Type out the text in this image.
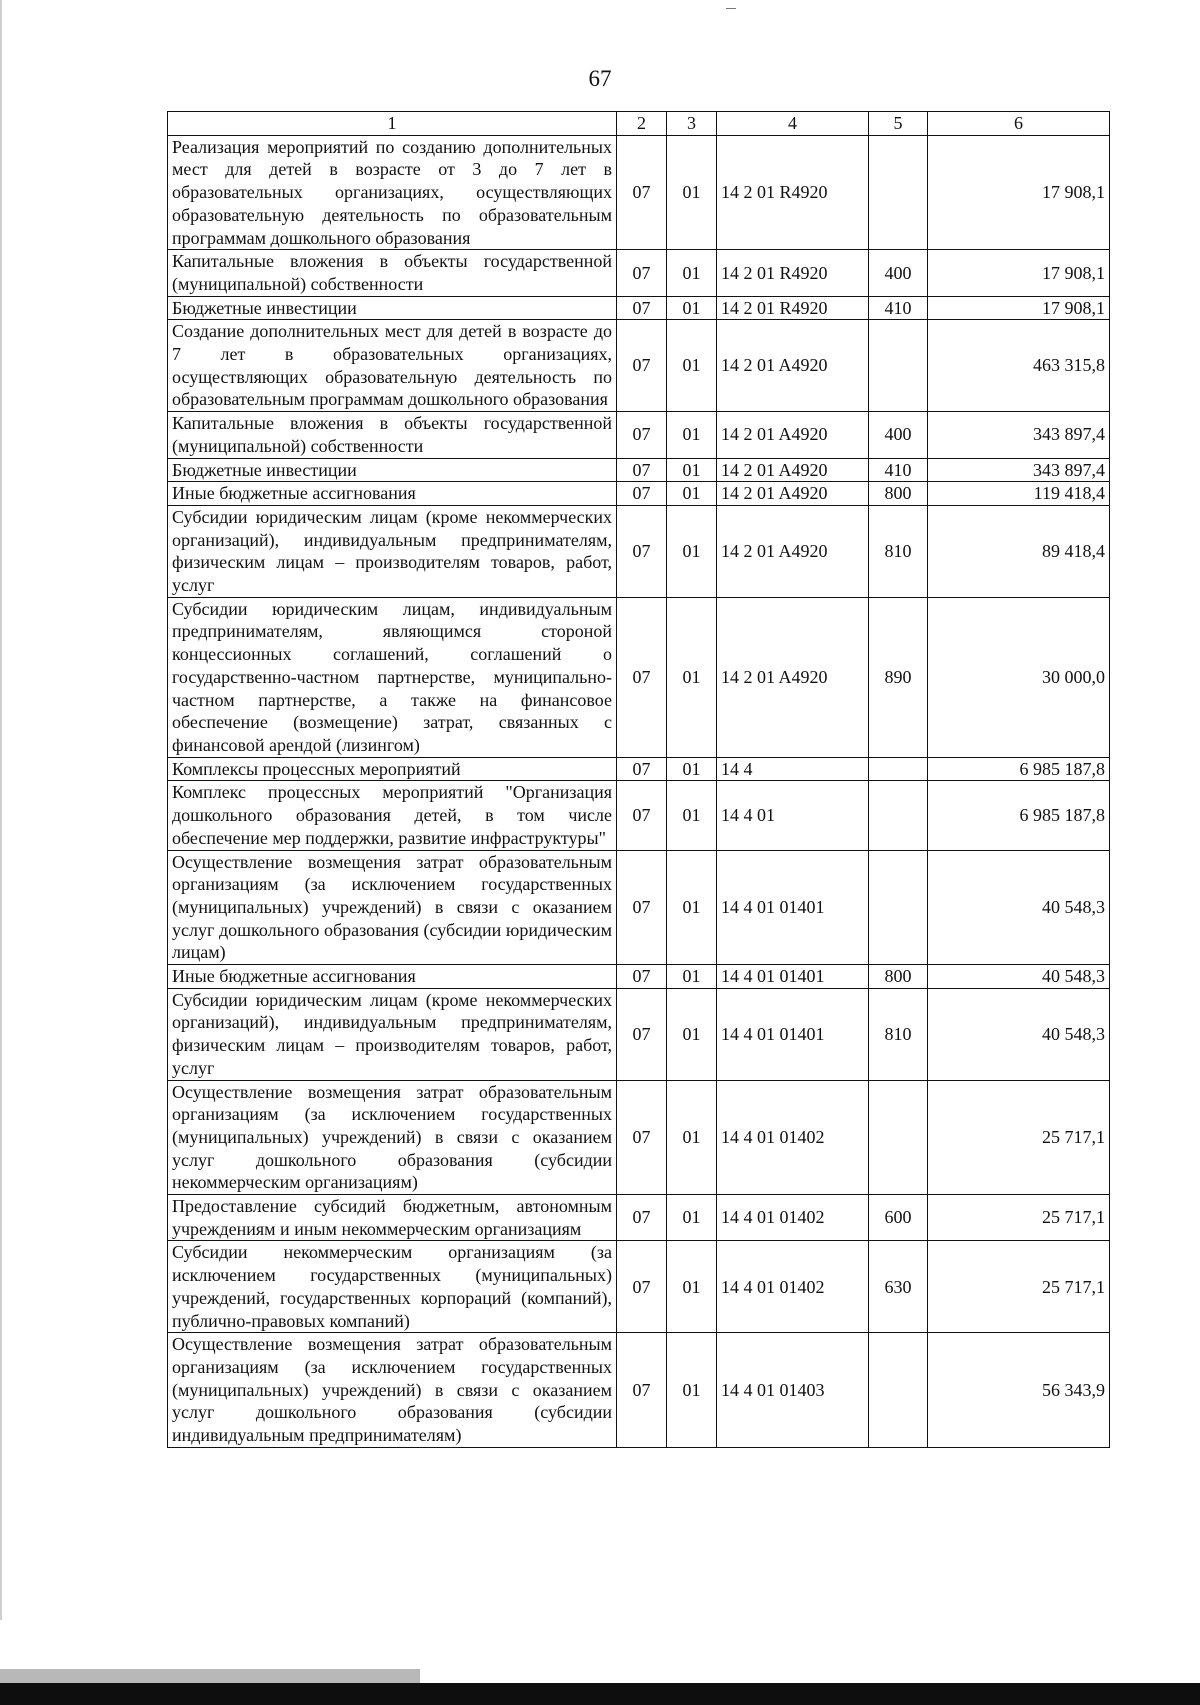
67
1	2	3	4	5	6
Реализация мероприятий по созданию дополнительных мест для детей в возрасте от 3 до 7 лет в образовательных организациях, осуществляющих образовательную деятельность по образовательным программам дошкольного образования	07	01	14 2 01 R4920		17 908,1
Капитальные вложения в объекты государственной (муниципальной) собственности	07	01	14 2 01 R4920	400	17 908,1
Бюджетные инвестиции	07	01	14 2 01 R4920	410	17 908,1
Создание дополнительных мест для детей в возрасте до 7 лет в образовательных организациях, осуществляющих образовательную деятельность по образовательным программам дошкольного образования	07	01	14 2 01 A4920		463 315,8
Капитальные вложения в объекты государственной (муниципальной) собственности	07	01	14 2 01 A4920	400	343 897,4
Бюджетные инвестиции	07	01	14 2 01 A4920	410	343 897,4
Иные бюджетные ассигнования	07	01	14 2 01 A4920	800	119 418,4
Субсидии юридическим лицам (кроме некоммерческих организаций), индивидуальным предпринимателям, физическим лицам – производителям товаров, работ, услуг	07	01	14 2 01 A4920	810	89 418,4
Субсидии юридическим лицам, индивидуальным предпринимателям, являющимся стороной концессионных соглашений, соглашений о государственно-частном партнерстве, муниципально-частном партнерстве, а также на финансовое обеспечение (возмещение) затрат, связанных с финансовой арендой (лизингом)	07	01	14 2 01 A4920	890	30 000,0
Комплексы процессных мероприятий	07	01	14 4		6 985 187,8
Комплекс процессных мероприятий "Организация дошкольного образования детей, в том числе обеспечение мер поддержки, развитие инфраструктуры"	07	01	14 4 01		6 985 187,8
Осуществление возмещения затрат образовательным организациям (за исключением государственных (муниципальных) учреждений) в связи с оказанием услуг дошкольного образования (субсидии юридическим лицам)	07	01	14 4 01 01401		40 548,3
Иные бюджетные ассигнования	07	01	14 4 01 01401	800	40 548,3
Субсидии юридическим лицам (кроме некоммерческих организаций), индивидуальным предпринимателям, физическим лицам – производителям товаров, работ, услуг	07	01	14 4 01 01401	810	40 548,3
Осуществление возмещения затрат образовательным организациям (за исключением государственных (муниципальных) учреждений) в связи с оказанием услуг дошкольного образования (субсидии некоммерческим организациям)	07	01	14 4 01 01402		25 717,1
Предоставление субсидий бюджетным, автономным учреждениям и иным некоммерческим организациям	07	01	14 4 01 01402	600	25 717,1
Субсидии некоммерческим организациям (за исключением государственных (муниципальных) учреждений, государственных корпораций (компаний), публично-правовых компаний)	07	01	14 4 01 01402	630	25 717,1
Осуществление возмещения затрат образовательным организациям (за исключением государственных (муниципальных) учреждений) в связи с оказанием услуг дошкольного образования (субсидии индивидуальным предпринимателям)	07	01	14 4 01 01403		56 343,9
